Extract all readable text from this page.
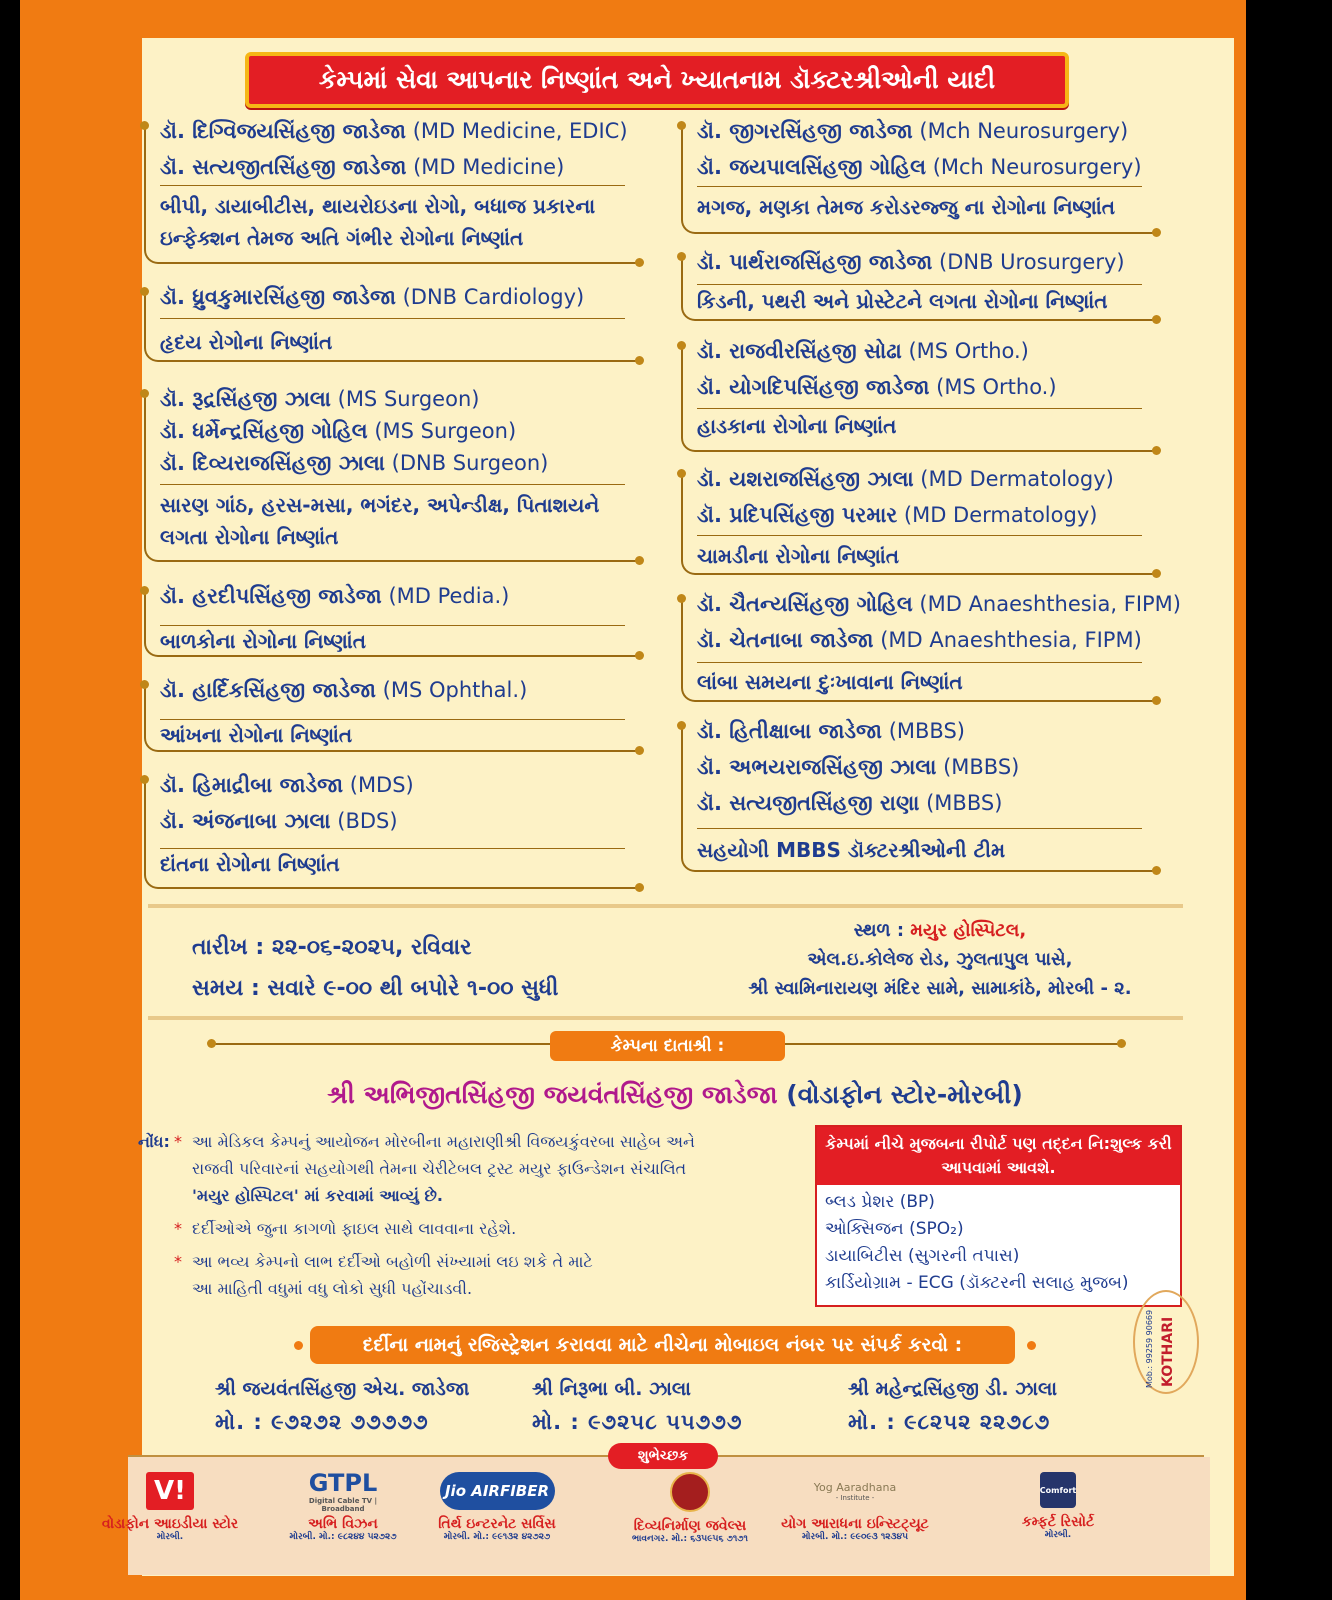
કેમ્પમાં સેવા આપનાર નિષ્ણાંત અને ખ્યાતનામ ડૉક્ટરશ્રીઓની યાદી
ડૉ. દિગ્વિજયસિંહજી જાડેજા (MD Medicine, EDIC)
ડૉ. સત્યજીતસિંહજી જાડેજા (MD Medicine)
બીપી, ડાયાબીટીસ, થાયરોઇડના રોગો, બધાજ પ્રકારના
ઇન્ફેક્શન તેમજ અતિ ગંભીર રોગોના નિષ્ણાંત
ડૉ. ધ્રુવકુમારસિંહજી જાડેજા (DNB Cardiology)
હૃદય રોગોના નિષ્ણાંત
ડૉ. રૂદ્રસિંહજી ઝાલા (MS Surgeon)
ડૉ. ધર્મેન્દ્રસિંહજી ગોહિલ (MS Surgeon)
ડૉ. દિવ્યરાજસિંહજી ઝાલા (DNB Surgeon)
સારણ ગાંઠ, હરસ-મસા, ભગંદર, અપેન્ડીક્ષ, પિતાશયને
લગતા રોગોના નિષ્ણાંત
ડૉ. હરદીપસિંહજી જાડેજા (MD Pedia.)
બાળકોના રોગોના નિષ્ણાંત
ડૉ. હાર્દિકસિંહજી જાડેજા (MS Ophthal.)
આંખના રોગોના નિષ્ણાંત
ડૉ. હિમાદ્રીબા જાડેજા (MDS)
ડૉ. અંજનાબા ઝાલા (BDS)
દાંતના રોગોના નિષ્ણાંત
ડૉ. જીગરસિંહજી જાડેજા (Mch Neurosurgery)
ડૉ. જયપાલસિંહજી ગોહિલ (Mch Neurosurgery)
મગજ, મણકા તેમજ કરોડરજ્જુ ના રોગોના નિષ્ણાંત
ડૉ. પાર્થરાજસિંહજી જાડેજા (DNB Urosurgery)
કિડની, પથરી અને પ્રોસ્ટેટને લગતા રોગોના નિષ્ણાંત
ડૉ. રાજવીરસિંહજી સોઢા (MS Ortho.)
ડૉ. યોગદિપસિંહજી જાડેજા (MS Ortho.)
હાડકાના રોગોના નિષ્ણાંત
ડૉ. યશરાજસિંહજી ઝાલા (MD Dermatology)
ડૉ. પ્રદિપસિંહજી પરમાર (MD Dermatology)
ચામડીના રોગોના નિષ્ણાંત
ડૉ. ચૈતન્યસિંહજી ગોહિલ (MD Anaeshthesia, FIPM)
ડૉ. ચેતનાબા જાડેજા (MD Anaeshthesia, FIPM)
લાંબા સમયના દુઃખાવાના નિષ્ણાંત
ડૉ. હિતીક્ષાબા જાડેજા (MBBS)
ડૉ. અભયરાજસિંહજી ઝાલા (MBBS)
ડૉ. સત્યજીતસિંહજી રાણા (MBBS)
સહયોગી MBBS ડૉક્ટરશ્રીઓની ટીમ
તારીખ : ૨૨-૦૬-૨૦૨૫, રવિવાર
સમય : સવારે ૯-૦૦ થી બપોરે ૧-૦૦ સુધી
સ્થળ : મયુર હોસ્પિટલ,
એલ.ઇ.કોલેજ રોડ, ઝુલતાપુલ પાસે,
શ્રી સ્વામિનારાયણ મંદિર સામે, સામાકાંઠે, મોરબી - ૨.
કેમ્પના દાતાશ્રી :
શ્રી અભિજીતસિંહજી જયવંતસિંહજી જાડેજા (વોડાફોન સ્ટોર-મોરબી)
નોંધ: * આ મેડિકલ કેમ્પનું આયોજન મોરબીના મહારાણીશ્રી વિજયકુંવરબા સાહેબ અને
રાજવી પરિવારનાં સહયોગથી તેમના ચેરીટેબલ ટ્રસ્ટ મયુર ફાઉન્ડેશન સંચાલિત
'મયુર હોસ્પિટલ' માં કરવામાં આવ્યું છે.
* દર્દીઓએ જુના કાગળો ફાઇલ સાથે લાવવાના રહેશે.
* આ ભવ્ય કેમ્પનો લાભ દર્દીઓ બહોળી સંખ્યામાં લઇ શકે તે માટે
આ માહિતી વધુમાં વધુ લોકો સુધી પહોંચાડવી.
કેમ્પમાં નીચે મુજબના રીપોર્ટ પણ તદ્દન નિ:શુલ્ક કરી આપવામાં આવશે.
બ્લડ પ્રેશર (BP)
ઓક્સિજન (SPO₂)
ડાયાબિટીસ (સુગરની તપાસ)
કાર્ડિયોગ્રામ - ECG (ડૉક્ટરની સલાહ મુજબ)
દર્દીના નામનું રજિસ્ટ્રેશન કરાવવા માટે નીચેના મોબાઇલ નંબર પર સંપર્ક કરવો :
શ્રી જયવંતસિંહજી એચ. જાડેજા
મો. : ૯૭૨૭૨ ૭૭૭૭૭
શ્રી નિરૂભા બી. ઝાલા
મો. : ૯૭૨૫૮ ૫૫૭૭૭
શ્રી મહેન્દ્રસિંહજી ડી. ઝાલા
મો. : ૯૮૨૫૨ ૨૨૭૮૭
KOTHARI
Mob.: 99259 90669
શુભેચ્છક
V!
વોડાફોન આઇડીયા સ્ટોર
મોરબી.
GTPL
Digital Cable TV | Broadband
અભિ વિઝન
મોરબી. મો.: ૯૮૨૪૪ ૫૨૭૨૭
Jio AIRFIBER
તિર્થ ઇન્ટરનેટ સર્વિસ
મોરબી. મો.: ૯૯૧૩૨ ૪૨૭૨૭
દિવ્યનિર્માણ જવેલ્સ
ભાવનગર. મો.: ૬૩૫૯૫૬ ૭૧૭૧
Yog Aaradhana
- Institute -
યોગ આરાધના ઇન્સ્ટિટ્યૂટ
મોરબી. મો.: ૯૯૦૯૩ ૧૨૩૪૫
Comfort
કમ્ફર્ટ રિસોર્ટ
મોરબી.
